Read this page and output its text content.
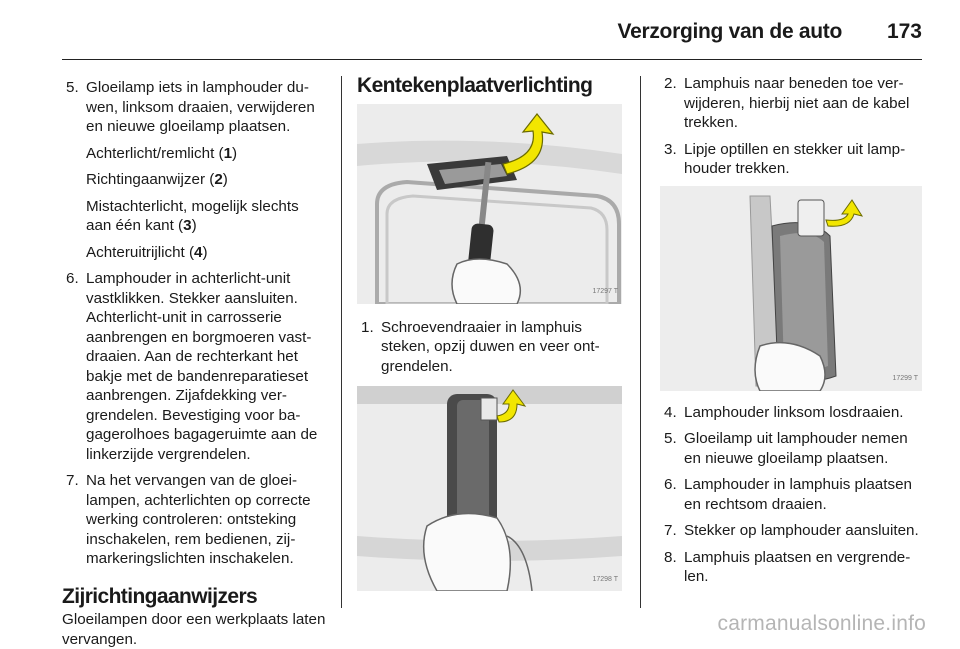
Verzorging van de auto 173
5. Gloeilamp iets in lamphouder duwen, linksom draaien, verwijderen en nieuwe gloeilamp plaatsen.
Achterlicht/remlicht (1)
Richtingaanwijzer (2)
Mistachterlicht, mogelijk slechts aan één kant (3)
Achteruitrijlicht (4)
6. Lamphouder in achterlicht-unit vastklikken. Stekker aansluiten. Achterlicht-unit in carrosserie aanbrengen en borgmoeren vastdraaien. Aan de rechterkant het bakje met de bandenreparatieset aanbrengen. Zijafdekking vergrendelen. Bevestiging voor bagagerolhoes bagageruimte aan de linkerzijde vergrendelen.
7. Na het vervangen van de gloeilampen, achterlichten op correcte werking controleren: ontsteking inschakelen, rem bedienen, zijmarkeringslichten inschakelen.
Zijrichtingaanwijzers
Gloeilampen door een werkplaats laten vervangen.
Kentekenplaatverlichting
17297 T
1. Schroevendraaier in lamphuis steken, opzij duwen en veer ontgrendelen.
17298 T
2. Lamphuis naar beneden toe verwijderen, hierbij niet aan de kabel trekken.
3. Lipje optillen en stekker uit lamphouder trekken.
17299 T
4. Lamphouder linksom losdraaien.
5. Gloeilamp uit lamphouder nemen en nieuwe gloeilamp plaatsen.
6. Lamphouder in lamphuis plaatsen en rechtsom draaien.
7. Stekker op lamphouder aansluiten.
8. Lamphuis plaatsen en vergrendelen.
carmanualsonline.info
